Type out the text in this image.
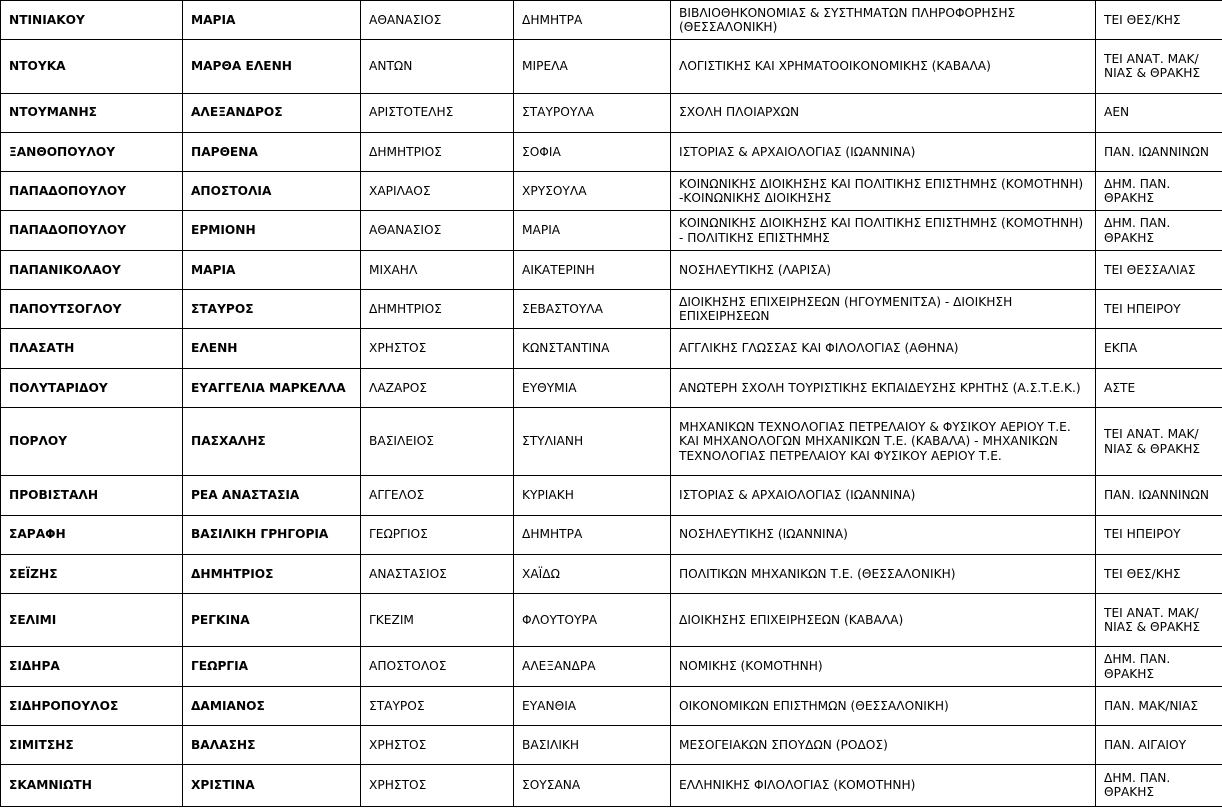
ΝΤΙΝΙΑΚΟΥ	ΜΑΡΙΑ	ΑΘΑΝΑΣΙΟΣ	ΔΗΜΗΤΡΑ	ΒΙΒΛΙΟΘΗΚΟΝΟΜΙΑΣ & ΣΥΣΤΗΜΑΤΩΝ ΠΛΗΡΟΦΟΡΗΣΗΣ (ΘΕΣΣΑΛΟΝΙΚΗ)	ΤΕΙ ΘΕΣ/ΚΗΣ
ΝΤΟΥΚΑ	ΜΑΡΘΑ ΕΛΕΝΗ	ΑΝΤΩΝ	ΜΙΡΕΛΑ	ΛΟΓΙΣΤΙΚΗΣ ΚΑΙ ΧΡΗΜΑΤΟΟΙΚΟΝΟΜΙΚΗΣ (ΚΑΒΑΛΑ)	ΤΕΙ ΑΝΑΤ. ΜΑΚ/ΝΙΑΣ & ΘΡΑΚΗΣ
ΝΤΟΥΜΑΝΗΣ	ΑΛΕΞΑΝΔΡΟΣ	ΑΡΙΣΤΟΤΕΛΗΣ	ΣΤΑΥΡΟΥΛΑ	ΣΧΟΛΗ ΠΛΟΙΑΡΧΩΝ	ΑΕΝ
ΞΑΝΘΟΠΟΥΛΟΥ	ΠΑΡΘΕΝΑ	ΔΗΜΗΤΡΙΟΣ	ΣΟΦΙΑ	ΙΣΤΟΡΙΑΣ & ΑΡΧΑΙΟΛΟΓΙΑΣ (ΙΩΑΝΝΙΝΑ)	ΠΑΝ. ΙΩΑΝΝΙΝΩΝ
ΠΑΠΑΔΟΠΟΥΛΟΥ	ΑΠΟΣΤΟΛΙΑ	ΧΑΡΙΛΑΟΣ	ΧΡΥΣΟΥΛΑ	ΚΟΙΝΩΝΙΚΗΣ ΔΙΟΙΚΗΣΗΣ ΚΑΙ ΠΟΛΙΤΙΚΗΣ ΕΠΙΣΤΗΜΗΣ (ΚΟΜΟΤΗΝΗ) -ΚΟΙΝΩΝΙΚΗΣ ΔΙΟΙΚΗΣΗΣ	ΔΗΜ. ΠΑΝ. ΘΡΑΚΗΣ
ΠΑΠΑΔΟΠΟΥΛΟΥ	ΕΡΜΙΟΝΗ	ΑΘΑΝΑΣΙΟΣ	ΜΑΡΙΑ	ΚΟΙΝΩΝΙΚΗΣ ΔΙΟΙΚΗΣΗΣ ΚΑΙ ΠΟΛΙΤΙΚΗΣ ΕΠΙΣΤΗΜΗΣ (ΚΟΜΟΤΗΝΗ) - ΠΟΛΙΤΙΚΗΣ ΕΠΙΣΤΗΜΗΣ	ΔΗΜ. ΠΑΝ. ΘΡΑΚΗΣ
ΠΑΠΑΝΙΚΟΛΑΟΥ	ΜΑΡΙΑ	ΜΙΧΑΗΛ	ΑΙΚΑΤΕΡΙΝΗ	ΝΟΣΗΛΕΥΤΙΚΗΣ (ΛΑΡΙΣΑ)	ΤΕΙ ΘΕΣΣΑΛΙΑΣ
ΠΑΠΟΥΤΣΟΓΛΟΥ	ΣΤΑΥΡΟΣ	ΔΗΜΗΤΡΙΟΣ	ΣΕΒΑΣΤΟΥΛΑ	ΔΙΟΙΚΗΣΗΣ ΕΠΙΧΕΙΡΗΣΕΩΝ (ΗΓΟΥΜΕΝΙΤΣΑ) - ΔΙΟΙΚΗΣΗ ΕΠΙΧΕΙΡΗΣΕΩΝ	ΤΕΙ ΗΠΕΙΡΟΥ
ΠΛΑΣΑΤΗ	ΕΛΕΝΗ	ΧΡΗΣΤΟΣ	ΚΩΝΣΤΑΝΤΙΝΑ	ΑΓΓΛΙΚΗΣ ΓΛΩΣΣΑΣ ΚΑΙ ΦΙΛΟΛΟΓΙΑΣ (ΑΘΗΝΑ)	ΕΚΠΑ
ΠΟΛΥΤΑΡΙΔΟΥ	ΕΥΑΓΓΕΛΙΑ ΜΑΡΚΕΛΛΑ	ΛΑΖΑΡΟΣ	ΕΥΘΥΜΙΑ	ΑΝΩΤΕΡΗ ΣΧΟΛΗ ΤΟΥΡΙΣΤΙΚΗΣ ΕΚΠΑΙΔΕΥΣΗΣ ΚΡΗΤΗΣ (Α.Σ.Τ.Ε.Κ.)	ΑΣΤΕ
ΠΟΡΛΟΥ	ΠΑΣΧΑΛΗΣ	ΒΑΣΙΛΕΙΟΣ	ΣΤΥΛΙΑΝΗ	ΜΗΧΑΝΙΚΩΝ ΤΕΧΝΟΛΟΓΙΑΣ ΠΕΤΡΕΛΑΙΟΥ & ΦΥΣΙΚΟΥ ΑΕΡΙΟΥ Τ.Ε. ΚΑΙ ΜΗΧΑΝΟΛΟΓΩΝ ΜΗΧΑΝΙΚΩΝ Τ.Ε. (ΚΑΒΑΛΑ) - ΜΗΧΑΝΙΚΩΝ ΤΕΧΝΟΛΟΓΙΑΣ ΠΕΤΡΕΛΑΙΟΥ ΚΑΙ ΦΥΣΙΚΟΥ ΑΕΡΙΟΥ Τ.Ε.	ΤΕΙ ΑΝΑΤ. ΜΑΚ/ΝΙΑΣ & ΘΡΑΚΗΣ
ΠΡΟΒΙΣΤΑΛΗ	ΡΕΑ ΑΝΑΣΤΑΣΙΑ	ΑΓΓΕΛΟΣ	ΚΥΡΙΑΚΗ	ΙΣΤΟΡΙΑΣ & ΑΡΧΑΙΟΛΟΓΙΑΣ (ΙΩΑΝΝΙΝΑ)	ΠΑΝ. ΙΩΑΝΝΙΝΩΝ
ΣΑΡΑΦΗ	ΒΑΣΙΛΙΚΗ ΓΡΗΓΟΡΙΑ	ΓΕΩΡΓΙΟΣ	ΔΗΜΗΤΡΑ	ΝΟΣΗΛΕΥΤΙΚΗΣ (ΙΩΑΝΝΙΝΑ)	ΤΕΙ ΗΠΕΙΡΟΥ
ΣΕΪΖΗΣ	ΔΗΜΗΤΡΙΟΣ	ΑΝΑΣΤΑΣΙΟΣ	ΧΑΪΔΩ	ΠΟΛΙΤΙΚΩΝ ΜΗΧΑΝΙΚΩΝ Τ.Ε. (ΘΕΣΣΑΛΟΝΙΚΗ)	ΤΕΙ ΘΕΣ/ΚΗΣ
ΣΕΛΙΜΙ	ΡΕΓΚΙΝΑ	ΓΚΕΖΙΜ	ΦΛΟΥΤΟΥΡΑ	ΔΙΟΙΚΗΣΗΣ ΕΠΙΧΕΙΡΗΣΕΩΝ (ΚΑΒΑΛΑ)	ΤΕΙ ΑΝΑΤ. ΜΑΚ/ΝΙΑΣ & ΘΡΑΚΗΣ
ΣΙΔΗΡΑ	ΓΕΩΡΓΙΑ	ΑΠΟΣΤΟΛΟΣ	ΑΛΕΞΑΝΔΡΑ	ΝΟΜΙΚΗΣ (ΚΟΜΟΤΗΝΗ)	ΔΗΜ. ΠΑΝ. ΘΡΑΚΗΣ
ΣΙΔΗΡΟΠΟΥΛΟΣ	ΔΑΜΙΑΝΟΣ	ΣΤΑΥΡΟΣ	ΕΥΑΝΘΙΑ	ΟΙΚΟΝΟΜΙΚΩΝ ΕΠΙΣΤΗΜΩΝ (ΘΕΣΣΑΛΟΝΙΚΗ)	ΠΑΝ. ΜΑΚ/ΝΙΑΣ
ΣΙΜΙΤΣΗΣ	ΒΑΛΑΣΗΣ	ΧΡΗΣΤΟΣ	ΒΑΣΙΛΙΚΗ	ΜΕΣΟΓΕΙΑΚΩΝ ΣΠΟΥΔΩΝ (ΡΟΔΟΣ)	ΠΑΝ. ΑΙΓΑΙΟΥ
ΣΚΑΜΝΙΩΤΗ	ΧΡΙΣΤΙΝΑ	ΧΡΗΣΤΟΣ	ΣΟΥΣΑΝΑ	ΕΛΛΗΝΙΚΗΣ ΦΙΛΟΛΟΓΙΑΣ (ΚΟΜΟΤΗΝΗ)	ΔΗΜ. ΠΑΝ. ΘΡΑΚΗΣ
